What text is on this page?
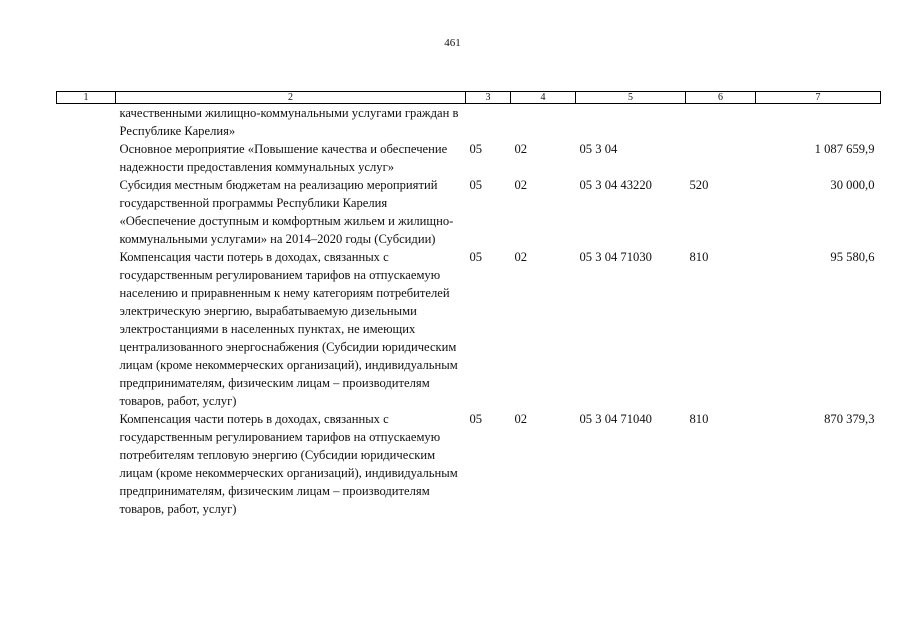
461
1	2	3	4	5	6	7
	качественными жилищно-коммунальными услугами граждан в Республике Карелия»					
	Основное мероприятие «Повышение качества и обеспечение надежности предоставления коммунальных услуг»	05	02	05 3 04		1 087 659,9
	Субсидия местным бюджетам на реализацию мероприятий государственной программы Республики Карелия «Обеспечение доступным и комфортным жильем и жилищно-коммунальными услугами» на 2014–2020 годы (Субсидии)	05	02	05 3 04 43220	520	30 000,0
	Компенсация части потерь в доходах, связанных с государственным регулированием тарифов на отпускаемую населению и приравненным к нему категориям потребителей электрическую энергию, вырабатываемую дизельными электростанциями в населенных пунктах, не имеющих централизованного энергоснабжения (Субсидии юридическим лицам (кроме некоммерческих организаций), индивидуальным предпринимателям, физическим лицам – производителям товаров, работ, услуг)	05	02	05 3 04 71030	810	95 580,6
	Компенсация части потерь в доходах, связанных с государственным регулированием тарифов на отпускаемую потребителям тепловую энергию (Субсидии юридическим лицам (кроме некоммерческих организаций), индивидуальным предпринимателям, физическим лицам – производителям товаров, работ, услуг)	05	02	05 3 04 71040	810	870 379,3
